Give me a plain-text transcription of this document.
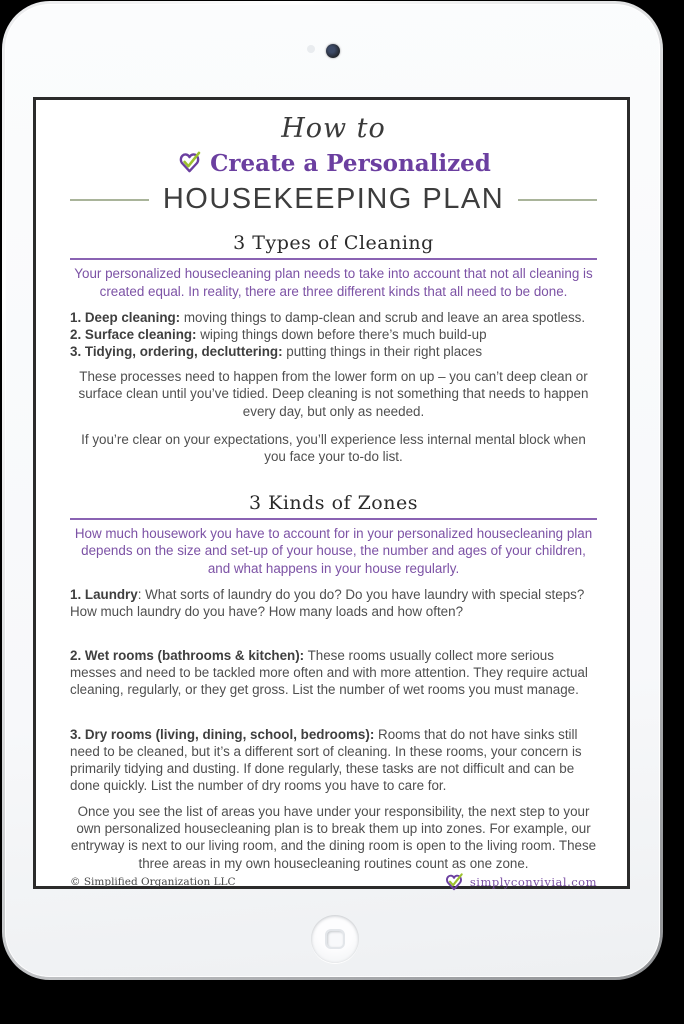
How to
Create a Personalized
HOUSEKEEPING PLAN
3 Types of Cleaning
Your personalized housecleaning plan needs to take into account that not all cleaning is created equal. In reality, there are three different kinds that all need to be done.
1. Deep cleaning: moving things to damp-clean and scrub and leave an area spotless.
2. Surface cleaning: wiping things down before there’s much build-up
3. Tidying, ordering, decluttering: putting things in their right places
These processes need to happen from the lower form on up – you can’t deep clean or surface clean until you’ve tidied. Deep cleaning is not something that needs to happen every day, but only as needed.
If you’re clear on your expectations, you’ll experience less internal mental block when you face your to-do list.
3 Kinds of Zones
How much housework you have to account for in your personalized housecleaning plan depends on the size and set-up of your house, the number and ages of your children, and what happens in your house regularly.
1. Laundry: What sorts of laundry do you do? Do you have laundry with special steps? How much laundry do you have? How many loads and how often?
2. Wet rooms (bathrooms & kitchen): These rooms usually collect more serious messes and need to be tackled more often and with more attention. They require actual cleaning, regularly, or they get gross. List the number of wet rooms you must manage.
3. Dry rooms (living, dining, school, bedrooms): Rooms that do not have sinks still need to be cleaned, but it’s a different sort of cleaning. In these rooms, your concern is primarily tidying and dusting. If done regularly, these tasks are not difficult and can be done quickly. List the number of dry rooms you have to care for.
Once you see the list of areas you have under your responsibility, the next step to your own personalized housecleaning plan is to break them up into zones. For example, our entryway is next to our living room, and the dining room is open to the living room. These three areas in my own housecleaning routines count as one zone.
© Simplified Organization LLC	simplyconvivial.com
